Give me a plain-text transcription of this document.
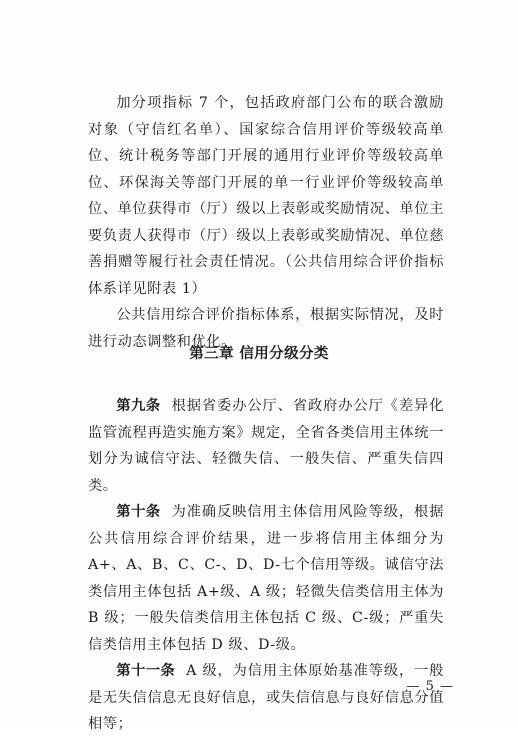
加分项指标 7 个，包括政府部门公布的联合激励对象（守信红名单）、国家综合信用评价等级较高单位、统计税务等部门开展的通用行业评价等级较高单位、环保海关等部门开展的单一行业评价等级较高单位、单位获得市（厅）级以上表彰或奖励情况、单位主要负责人获得市（厅）级以上表彰或奖励情况、单位慈善捐赠等履行社会责任情况。（公共信用综合评价指标体系详见附表 1）

公共信用综合评价指标体系，根据实际情况，及时进行动态调整和优化。

第三章 信用分级分类

第九条 根据省委办公厅、省政府办公厅《差异化监管流程再造实施方案》规定，全省各类信用主体统一划分为诚信守法、轻微失信、一般失信、严重失信四类。

第十条 为准确反映信用主体信用风险等级，根据公共信用综合评价结果，进一步将信用主体细分为 A+、A、B、C、C-、D、D-七个信用等级。诚信守法类信用主体包括 A+级、A 级；轻微失信类信用主体为 B 级；一般失信类信用主体包括 C 级、C-级；严重失信类信用主体包括 D 级、D-级。

第十一条 A 级，为信用主体原始基准等级，一般是无失信信息无良好信息，或失信信息与良好信息分值相等；

— 5 —
